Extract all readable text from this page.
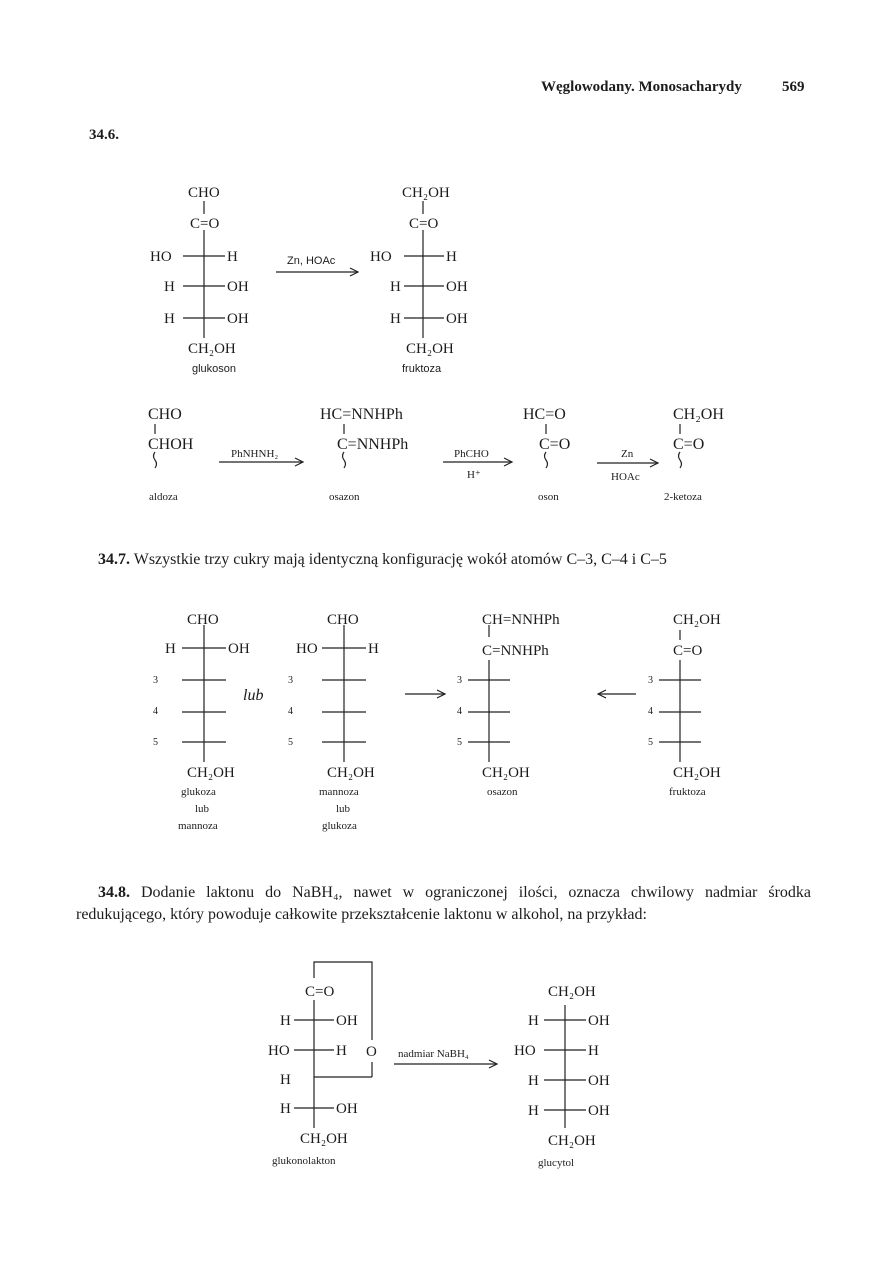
Węglowodany. Monosacharydy	569
34.6.
CHO
C=O
HO	H
H	OH
H	OH
CH₂OH
glukoson
Zn, HOAc
CH₂OH
C=O
HO	H
H	OH
H	OH
CH₂OH
fruktoza
CHO
CHOH
HC=NNHPh
C=NNHPh
HC=O
C=O
CH₂OH
C=O
aldoza
PhNHNH₂
osazon
PhCHO
H⁺
oson
Zn
HOAc
2-ketoza
CHO
H	OH
CH₂OH
CHO
HO	H
CH₂OH
CH=NNHPh
C=NNHPh
CH₂OH
CH₂OH
C=O
CH₂OH
lub
3
4
5
3
4
5
3
4
5
3
4
5
glukoza
lub
mannoza
mannoza
lub
glukoza
osazon	fruktoza
C=O
H	OH
HO	H O
H
H	OH
CH₂OH
CH₂OH
H	OH
HO	H
H	OH
H	OH
CH₂OH
glukonolakton
nadmiar NaBH₄
glucytol
34.7. Wszystkie trzy cukry mają identyczną konfigurację wokół atomów C–3, C–4 i C–5
34.8. Dodanie laktonu do NaBH₄, nawet w ograniczonej ilości, oznacza chwilowy nadmiar środka redukującego, który powoduje całkowite przekształcenie laktonu w alkohol, na przykład:
